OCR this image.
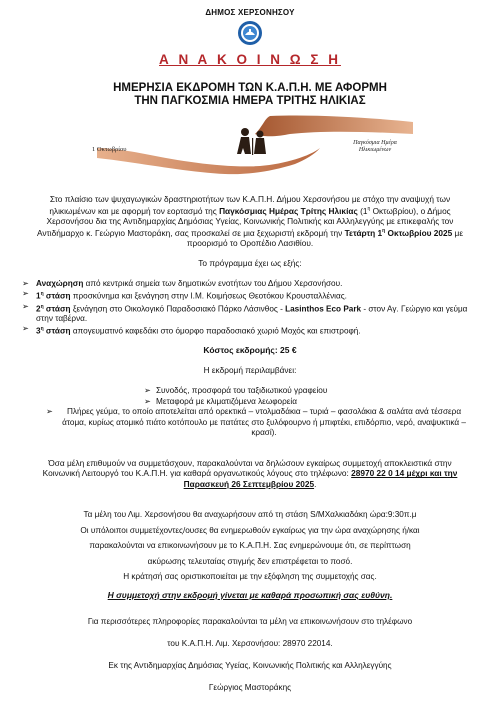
ΔΗΜΟΣ ΧΕΡΣΟΝΗΣΟΥ
Α Ν Α Κ Ο Ι Ν Ω Σ Η
ΗΜΕΡΗΣΙΑ ΕΚΔΡΟΜΗ ΤΩΝ Κ.Α.Π.Η. ΜΕ ΑΦΟΡΜΗ
ΤΗΝ ΠΑΓΚΟΣΜΙΑ ΗΜΕΡΑ ΤΡΙΤΗΣ ΗΛΙΚΙΑΣ
1 Οκτωβρίου
Παγκόσμια Ημέρα
Ηλικιωμένων
Στο πλαίσιο των ψυχαγωγικών δραστηριοτήτων των Κ.Α.Π.Η. Δήμου Χερσονήσου με στόχο την αναψυχή των ηλικιωμένων και με αφορμή τον εορτασμό της Παγκόσμιας Ημέρας Τρίτης Ηλικίας ($1^\eta$ Οκτωβρίου), ο Δήμος Χερσονήσου δια της Αντιδημαρχίας Δημόσιας Υγείας, Κοινωνικής Πολιτικής και Αλληλεγγύης με επικεφαλής τον Αντιδήμαρχο κ. Γεώργιο Μαστοράκη, σας προσκαλεί σε μια ξεχωριστή εκδρομή την Τετάρτη $1^\eta$ Οκτωβρίου 2025 με προορισμό το Οροπέδιο Λασιθίου.
Το πρόγραμμα έχει ως εξής:
➢ Αναχώρηση από κεντρικά σημεία των δημοτικών ενοτήτων του Δήμου Χερσονήσου.
➢ $1^\eta$ στάση προσκύνημα και ξενάγηση στην Ι.Μ. Κοιμήσεως Θεοτόκου Κρουσταλλένιας.
➢ $2^\eta$ στάση ξενάγηση στο Οικολογικό Παραδοσιακό Πάρκο Λάσινθος - Lasinthos Eco Park - στον Αγ. Γεώργιο και γεύμα στην ταβέρνα.
➢ $3^\eta$ στάση απογευματινό καφεδάκι στο όμορφο παραδοσιακό χωριό Μοχός και επιστροφή.
Κόστος εκδρομής: 25 €
Η εκδρομή περιλαμβάνει:
➢ Συνοδός, προσφορά του ταξιδιωτικού γραφείου
➢ Μεταφορά με κλιματιζόμενα λεωφορεία
➢	Πλήρες γεύμα, το οποίο αποτελείται από ορεκτικά – ντολμαδάκια – τυριά – φασολάκια & σαλάτα ανά τέσσερα άτομα, κυρίως ατομικό πιάτο κοτόπουλο με πατάτες στο ξυλόφουρνο ή μπιφτέκι, επιδόρπιο, νερό, αναψυκτικά – κρασί).
Όσα μέλη επιθυμούν να συμμετάσχουν, παρακαλούνται να δηλώσουν εγκαίρως συμμετοχή αποκλειστικά στην Κοινωνική Λειτουργό του Κ.Α.Π.Η. για καθαρά οργανωτικούς λόγους στο τηλέφωνο: 28970 22 0 14 μέχρι και την Παρασκευή 26 Σεπτεμβρίου 2025.
Τα μέλη του Λιμ. Χερσονήσου θα αναχωρήσουν από τη στάση S/MΧαλκιαδάκη ώρα:9:30π.μ
Οι υπόλοιποι συμμετέχοντες/ουσες θα ενημερωθούν εγκαίρως για την ώρα αναχώρησης ή/και
παρακαλούνται να επικοινωνήσουν με το Κ.Α.Π.Η. Σας ενημερώνουμε ότι, σε περίπτωση
ακύρωσης τελευταίας στιγμής δεν επιστρέφεται το ποσό.
Η κράτησή σας οριστικοποιείται με την εξόφληση της συμμετοχής σας.
Η συμμετοχή στην εκδρομή γίνεται με καθαρά προσωπική σας ευθύνη.

Για περισσότερες πληροφορίες παρακαλούνται τα μέλη να επικοινωνήσουν στο τηλέφωνο

του Κ.Α.Π.Η. Λιμ. Χερσονήσου: 28970 22014.

Εκ της Αντιδημαρχίας Δημόσιας Υγείας, Κοινωνικής Πολιτικής και Αλληλεγγύης

Γεώργιος Μαστοράκης
